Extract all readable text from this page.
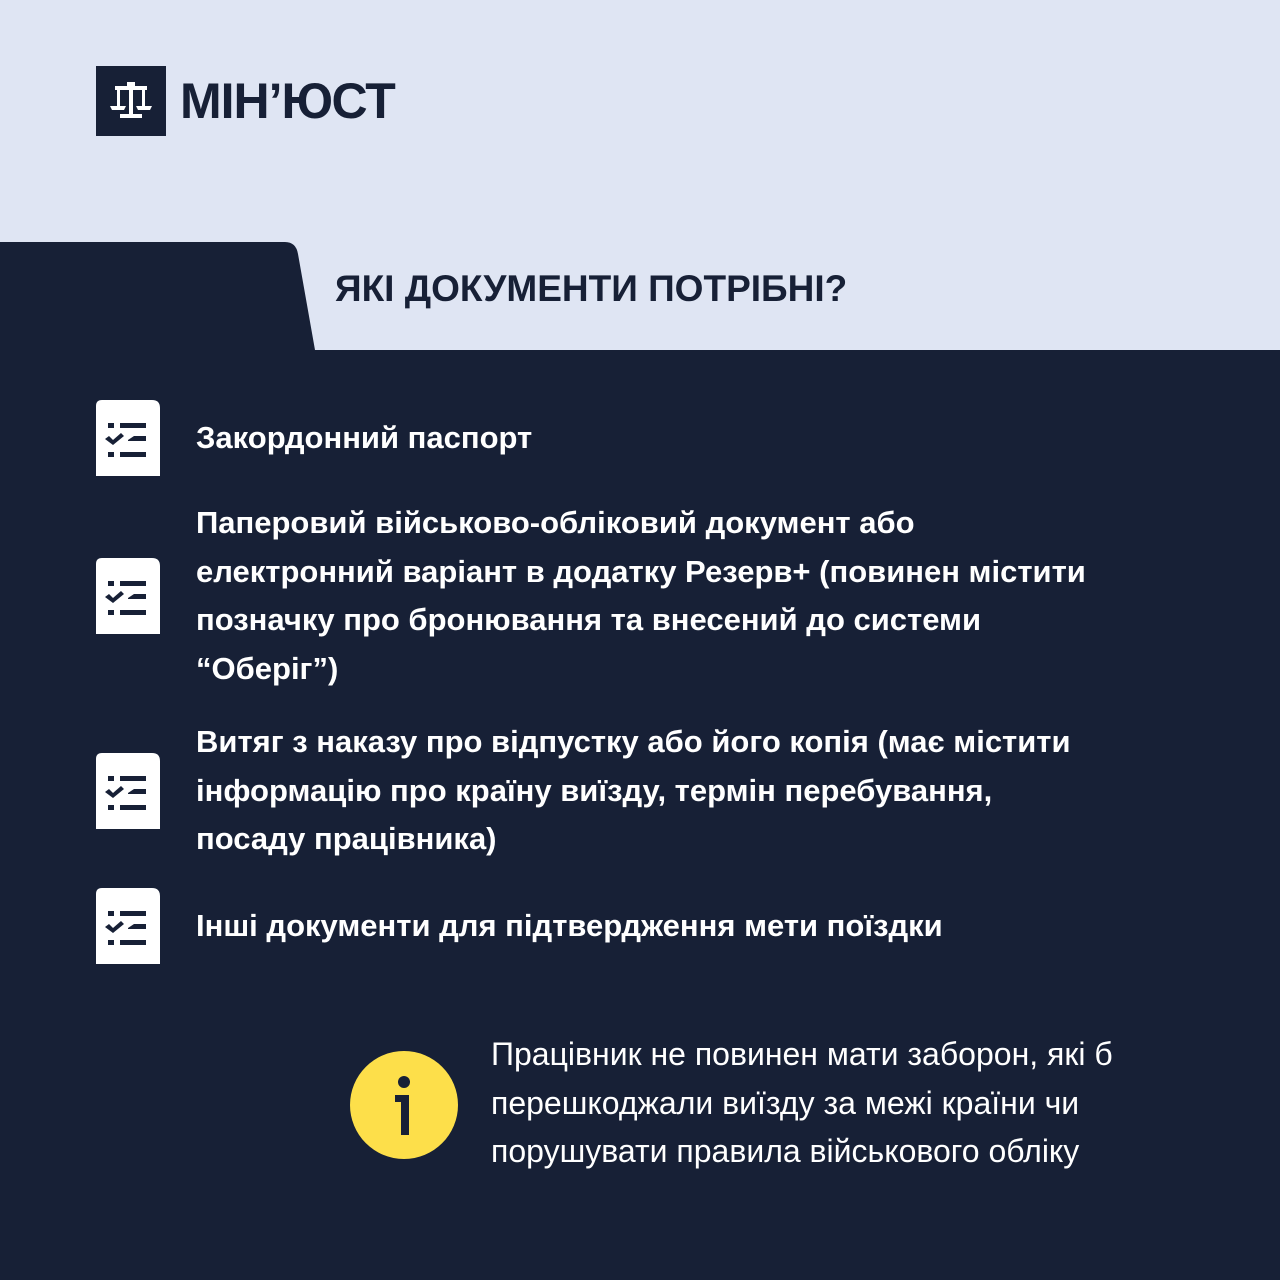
МІН’ЮСТ
ЯКІ ДОКУМЕНТИ ПОТРІБНІ?
Закордонний паспорт
Паперовий військово-обліковий документ або електронний варіант в додатку Резерв+ (повинен містити позначку про бронювання та внесений до системи “Оберіг”)
Витяг з наказу про відпустку або його копія (має містити інформацію про країну виїзду, термін перебування, посаду працівника)
Інші документи для підтвердження мети поїздки
Працівник не повинен мати заборон, які б перешкоджали виїзду за межі країни чи порушувати правила військового обліку
